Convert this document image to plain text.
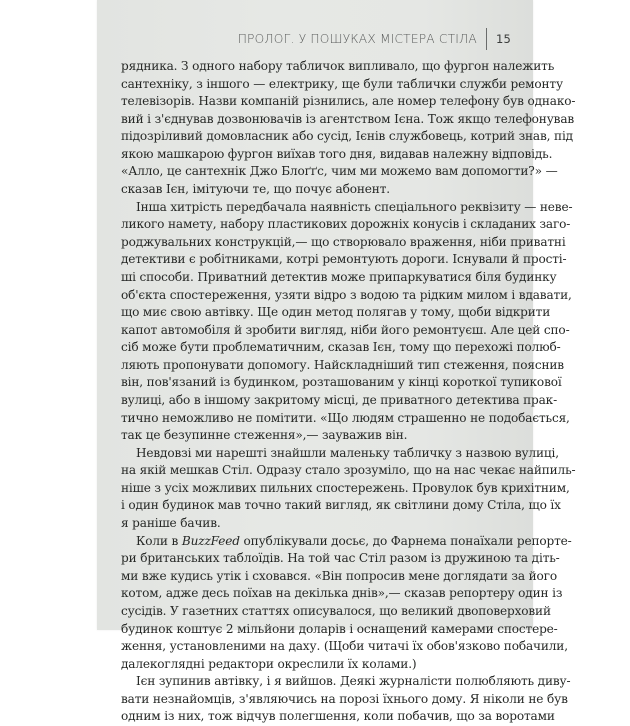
ПРОЛОГ. У ПОШУКАХ МІСТЕРА СТІЛА 15
рядника. З одного набору табличок випливало, що фургон належить
сантехніку, з іншого — електрику, ще були таблички служби ремонту
телевізорів. Назви компаній різнились, але номер телефону був однако-
вий і з'єднував дозвонювачів із агентством Ієна. Тож якщо телефонував
підозріливий домовласник або сусід, Ієнів службовець, котрий знав, під
якою машкарою фургон виїхав того дня, видавав належну відповідь.
«Алло, це сантехнік Джо Блоґґс, чим ми можемо вам допомогти?» —
сказав Ієн, імітуючи те, що почує абонент.
Інша хитрість передбачала наявність спеціального реквізиту — неве-
ликого намету, набору пластикових дорожніх конусів і складаних заго-
роджувальних конструкцій,— що створювало враження, ніби приватні
детективи є робітниками, котрі ремонтують дороги. Існували й прості-
ші способи. Приватний детектив може припаркуватися біля будинку
об'єкта спостереження, узяти відро з водою та рідким милом і вдавати,
що миє свою автівку. Ще один метод полягав у тому, щоби відкрити
капот автомобіля й зробити вигляд, ніби його ремонтуєш. Але цей спо-
сіб може бути проблематичним, сказав Ієн, тому що перехожі полюб-
ляють пропонувати допомогу. Найскладніший тип стеження, пояснив
він, пов'язаний із будинком, розташованим у кінці короткої тупикової
вулиці, або в іншому закритому місці, де приватного детектива прак-
тично неможливо не помітити. «Що людям страшенно не подобається,
так це безупинне стеження»,— зауважив він.
Невдовзі ми нарешті знайшли маленьку табличку з назвою вулиці,
на якій мешкав Стіл. Одразу стало зрозуміло, що на нас чекає найпиль-
ніше з усіх можливих пильних спостережень. Провулок був крихітним,
і один будинок мав точно такий вигляд, як світлини дому Стіла, що їх
я раніше бачив.
Коли в BuzzFeed опублікували досьє, до Фарнема понаїхали репорте-
ри британських таблоїдів. На той час Стіл разом із дружиною та діть-
ми вже кудись утік і сховався. «Він попросив мене доглядати за його
котом, адже десь поїхав на декілька днів»,— сказав репортеру один із
сусідів. У газетних статтях описувалося, що великий двоповерховий
будинок коштує 2 мільйони доларів і оснащений камерами спостере-
ження, установленими на даху. (Щоби читачі їх обов'язково побачили,
далекоглядні редактори окреслили їх колами.)
Ієн зупинив автівку, і я вийшов. Деякі журналісти полюбляють диву-
вати незнайомців, з'являючись на порозі їхнього дому. Я ніколи не був
одним із них, тож відчув полегшення, коли побачив, що за воротами
